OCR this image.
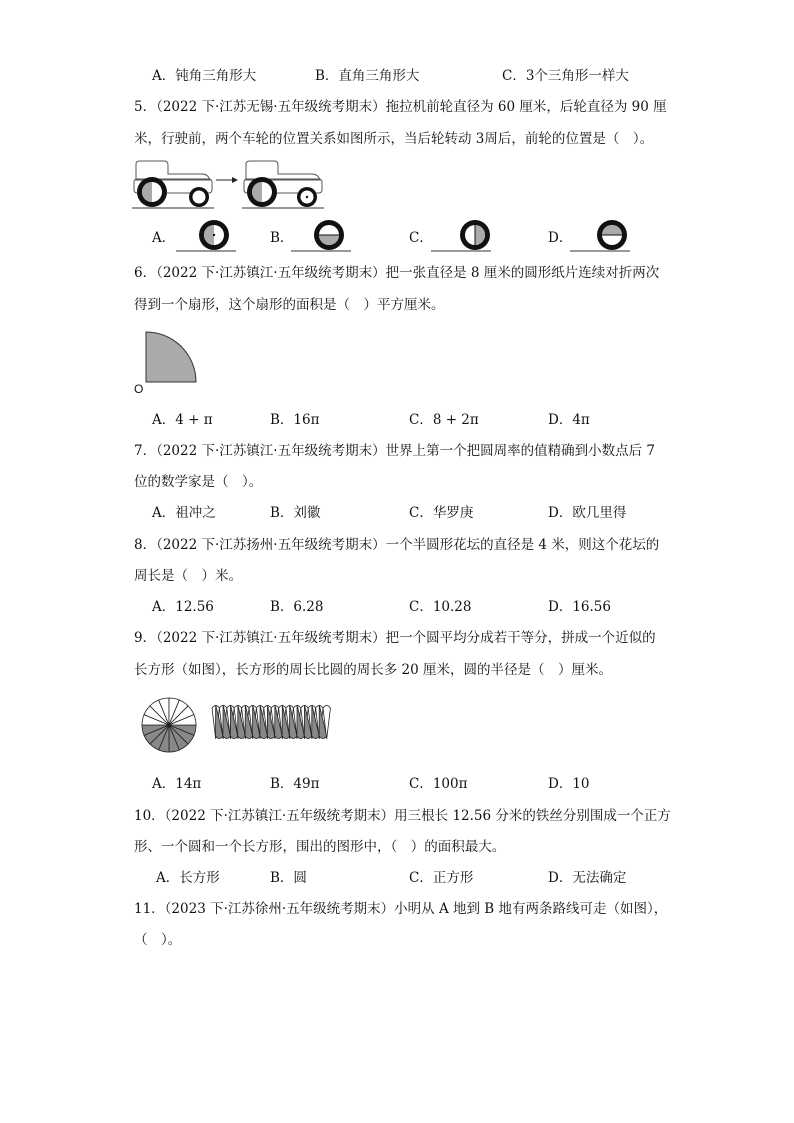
A．钝角三角形大	B．直角三角形大	C．3个三角形一样大
5．（2022 下·江苏无锡·五年级统考期末）拖拉机前轮直径为 60 厘米，后轮直径为 90 厘
米，行驶前，两个车轮的位置关系如图所示，当后轮转动 3周后，前轮的位置是（　）。
A．	B．	C．	D．
6．（2022 下·江苏镇江·五年级统考期末）把一张直径是 8 厘米的圆形纸片连续对折两次
得到一个扇形，这个扇形的面积是（　）平方厘米。
O
A．4 + π	B．16π	C．8 + 2π	D．4π
7．（2022 下·江苏镇江·五年级统考期末）世界上第一个把圆周率的值精确到小数点后 7
位的数学家是（　）。
A．祖冲之	B．刘徽	C．华罗庚	D．欧几里得
8．（2022 下·江苏扬州·五年级统考期末）一个半圆形花坛的直径是 4 米，则这个花坛的
周长是（　）米。
A．12.56	B．6.28	C．10.28	D．16.56
9．（2022 下·江苏镇江·五年级统考期末）把一个圆平均分成若干等分，拼成一个近似的
长方形（如图），长方形的周长比圆的周长多 20 厘米，圆的半径是（　）厘米。
A．14π	B．49π	C．100π	D．10
10．（2022 下·江苏镇江·五年级统考期末）用三根长 12.56 分米的铁丝分别围成一个正方
形、一个圆和一个长方形，围出的图形中，（　）的面积最大。
A．长方形	B．圆	C．正方形	D．无法确定
11．（2023 下·江苏徐州·五年级统考期末）小明从 A 地到 B 地有两条路线可走（如图），
（　）。
